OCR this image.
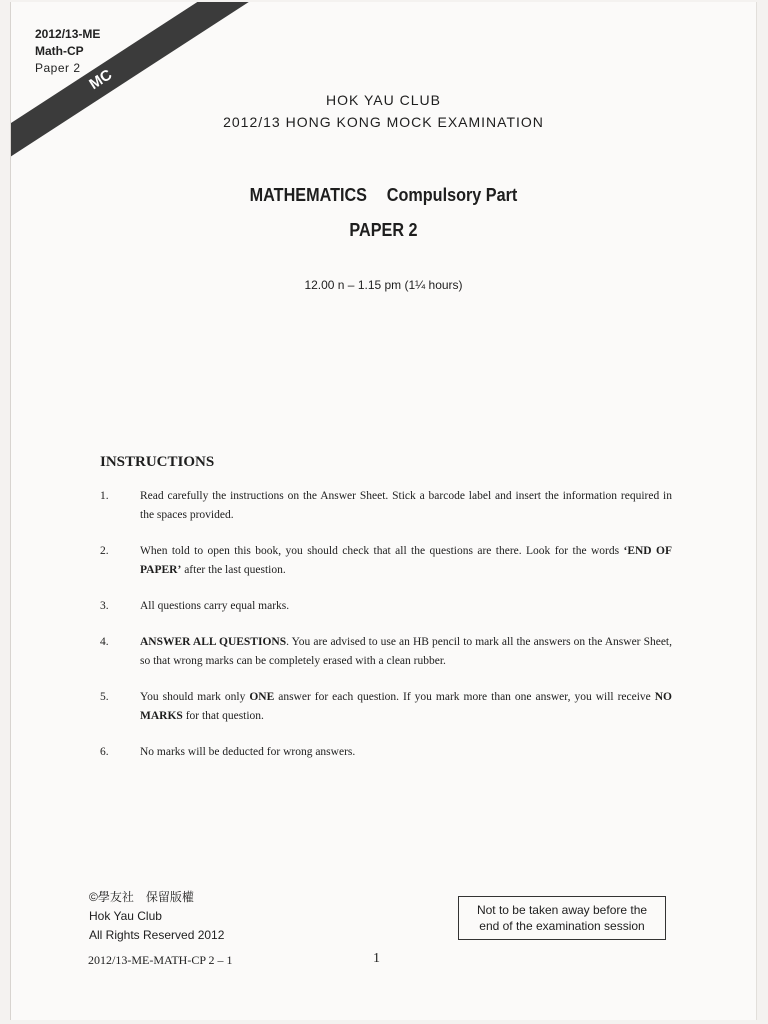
2012/13-ME
Math-CP
Paper 2 MC
HOK YAU CLUB
2012/13 HONG KONG MOCK EXAMINATION
MATHEMATICS Compulsory Part
PAPER 2
12.00 n – 1.15 pm (1¼ hours)
INSTRUCTIONS
1.	Read carefully the instructions on the Answer Sheet. Stick a barcode label and insert the information required in the spaces provided.
2.	When told to open this book, you should check that all the questions are there. Look for the words ‘END OF PAPER’ after the last question.
3.	All questions carry equal marks.
4.	ANSWER ALL QUESTIONS. You are advised to use an HB pencil to mark all the answers on the Answer Sheet, so that wrong marks can be completely erased with a clean rubber.
5.	You should mark only ONE answer for each question. If you mark more than one answer, you will receive NO MARKS for that question.
6.	No marks will be deducted for wrong answers.
©學友社　保留版權
Hok Yau Club
All Rights Reserved 2012
Not to be taken away before the
end of the examination session
2012/13-ME-MATH-CP 2 – 1	1
